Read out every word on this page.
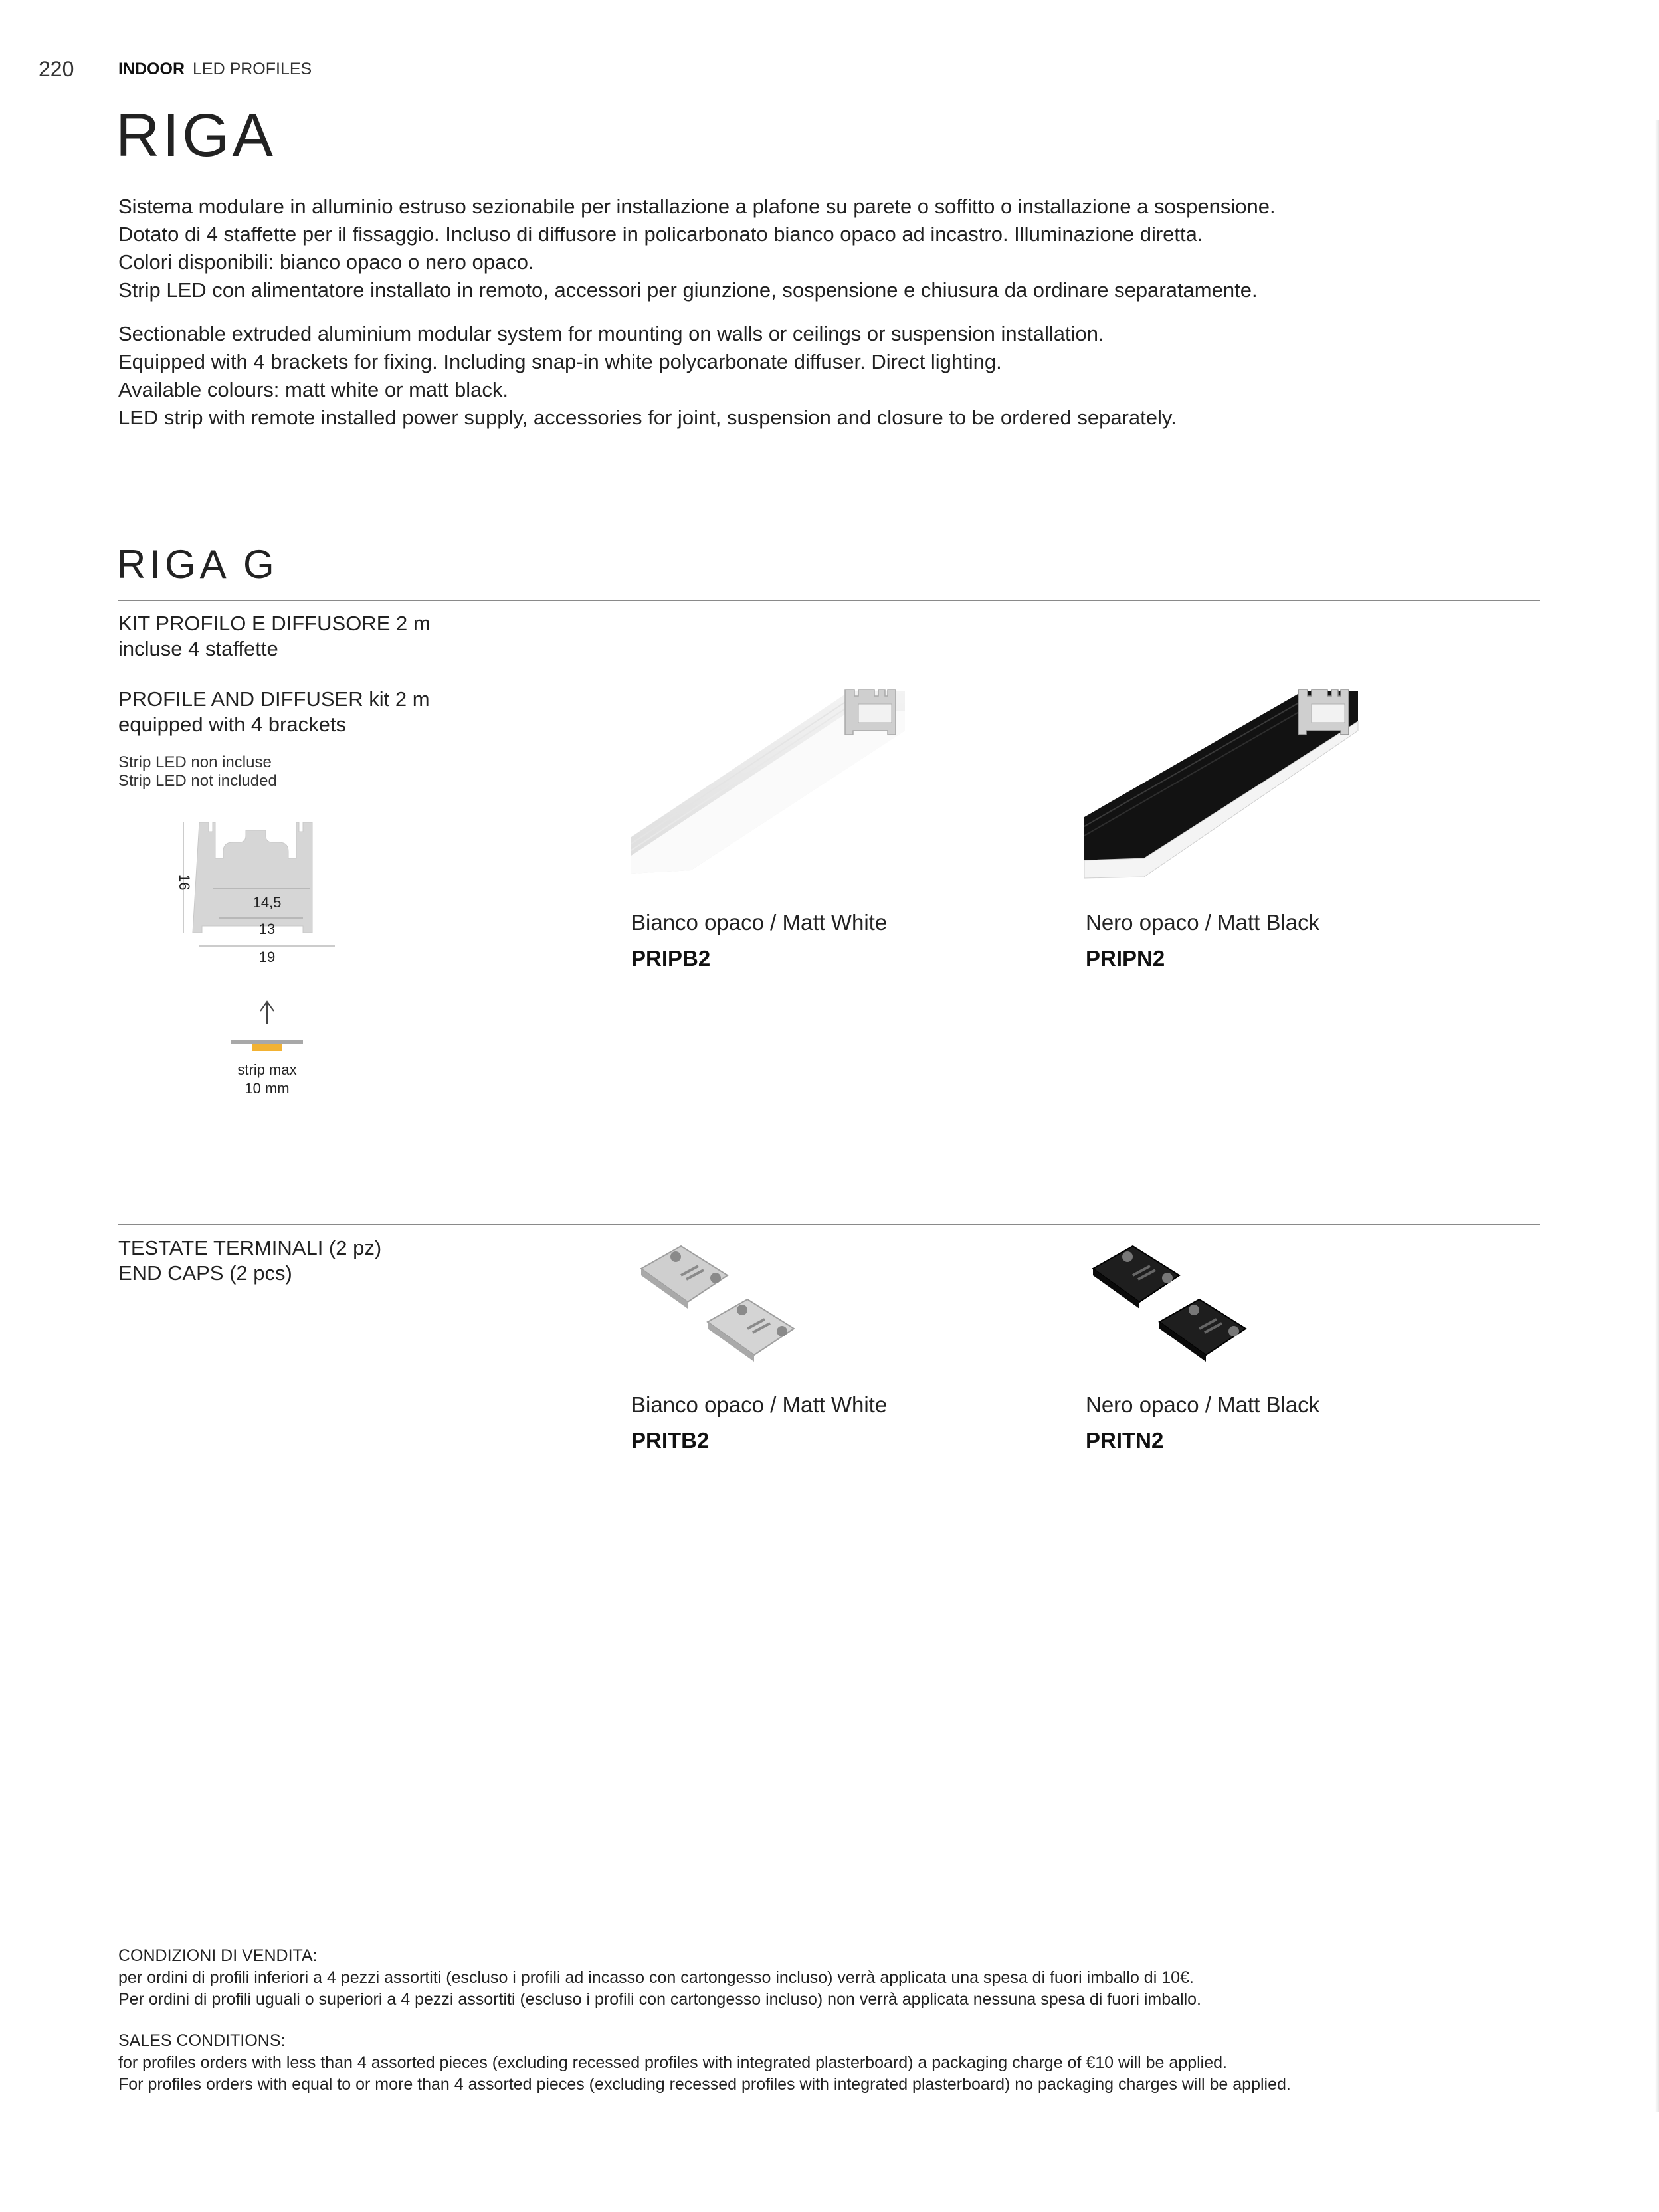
220	INDOOR LED PROFILES
RIGA
Sistema modulare in alluminio estruso sezionabile per installazione a plafone su parete o soffitto o installazione a sospensione.
Dotato di 4 staffette per il fissaggio. Incluso di diffusore in policarbonato bianco opaco ad incastro. Illuminazione diretta.
Colori disponibili: bianco opaco o nero opaco.
Strip LED con alimentatore installato in remoto, accessori per giunzione, sospensione e chiusura da ordinare separatamente.
Sectionable extruded aluminium modular system for mounting on walls or ceilings or suspension installation.
Equipped with 4 brackets for fixing. Including snap-in white polycarbonate diffuser. Direct lighting.
Available colours: matt white or matt black.
LED strip with remote installed power supply, accessories for joint, suspension and closure to be ordered separately.
RIGA G
KIT PROFILO E DIFFUSORE 2 m
incluse 4 staffette
PROFILE AND DIFFUSER kit 2 m
equipped with 4 brackets
Strip LED non incluse
Strip LED not included
16
14,5
13
19
strip max
10 mm
Bianco opaco / Matt White
PRIPB2
Nero opaco / Matt Black
PRIPN2
TESTATE TERMINALI (2 pz)
END CAPS (2 pcs)
Bianco opaco / Matt White
PRITB2
Nero opaco / Matt Black
PRITN2
CONDIZIONI DI VENDITA:
per ordini di profili inferiori a 4 pezzi assortiti (escluso i profili ad incasso con cartongesso incluso) verrà applicata una spesa di fuori imballo di 10€.
Per ordini di profili uguali o superiori a 4 pezzi assortiti (escluso i profili con cartongesso incluso) non verrà applicata nessuna spesa di fuori imballo.
SALES CONDITIONS:
for profiles orders with less than 4 assorted pieces (excluding recessed profiles with integrated plasterboard) a packaging charge of €10 will be applied.
For profiles orders with equal to or more than 4 assorted pieces (excluding recessed profiles with integrated plasterboard) no packaging charges will be applied.
